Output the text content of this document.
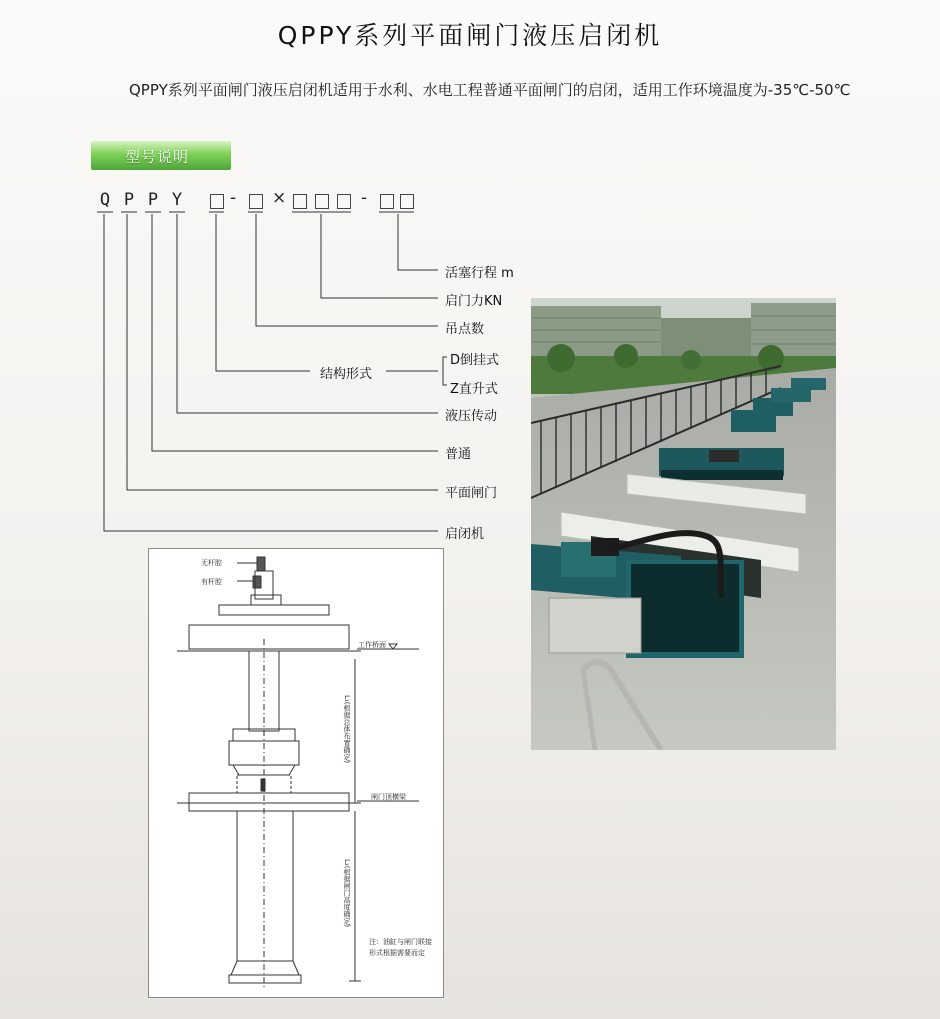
QPPY系列平面闸门液压启闭机
QPPY系列平面闸门液压启闭机适用于水利、水电工程普通平面闸门的启闭，适用工作环境温度为-35℃-50℃
型号说明
Q P P Y	- ×	-
活塞行程 m
启门力KN
吊点数
结构形式
D倒挂式
Z直升式
液压传动
普通
平面闸门
启闭机
无杆腔
有杆腔
工作桥面
闸门顶横梁
L₁(根据总体布置确定)
L₂(根据闸门高度确定)
注：油缸与闸门联接
形式根据需要而定
